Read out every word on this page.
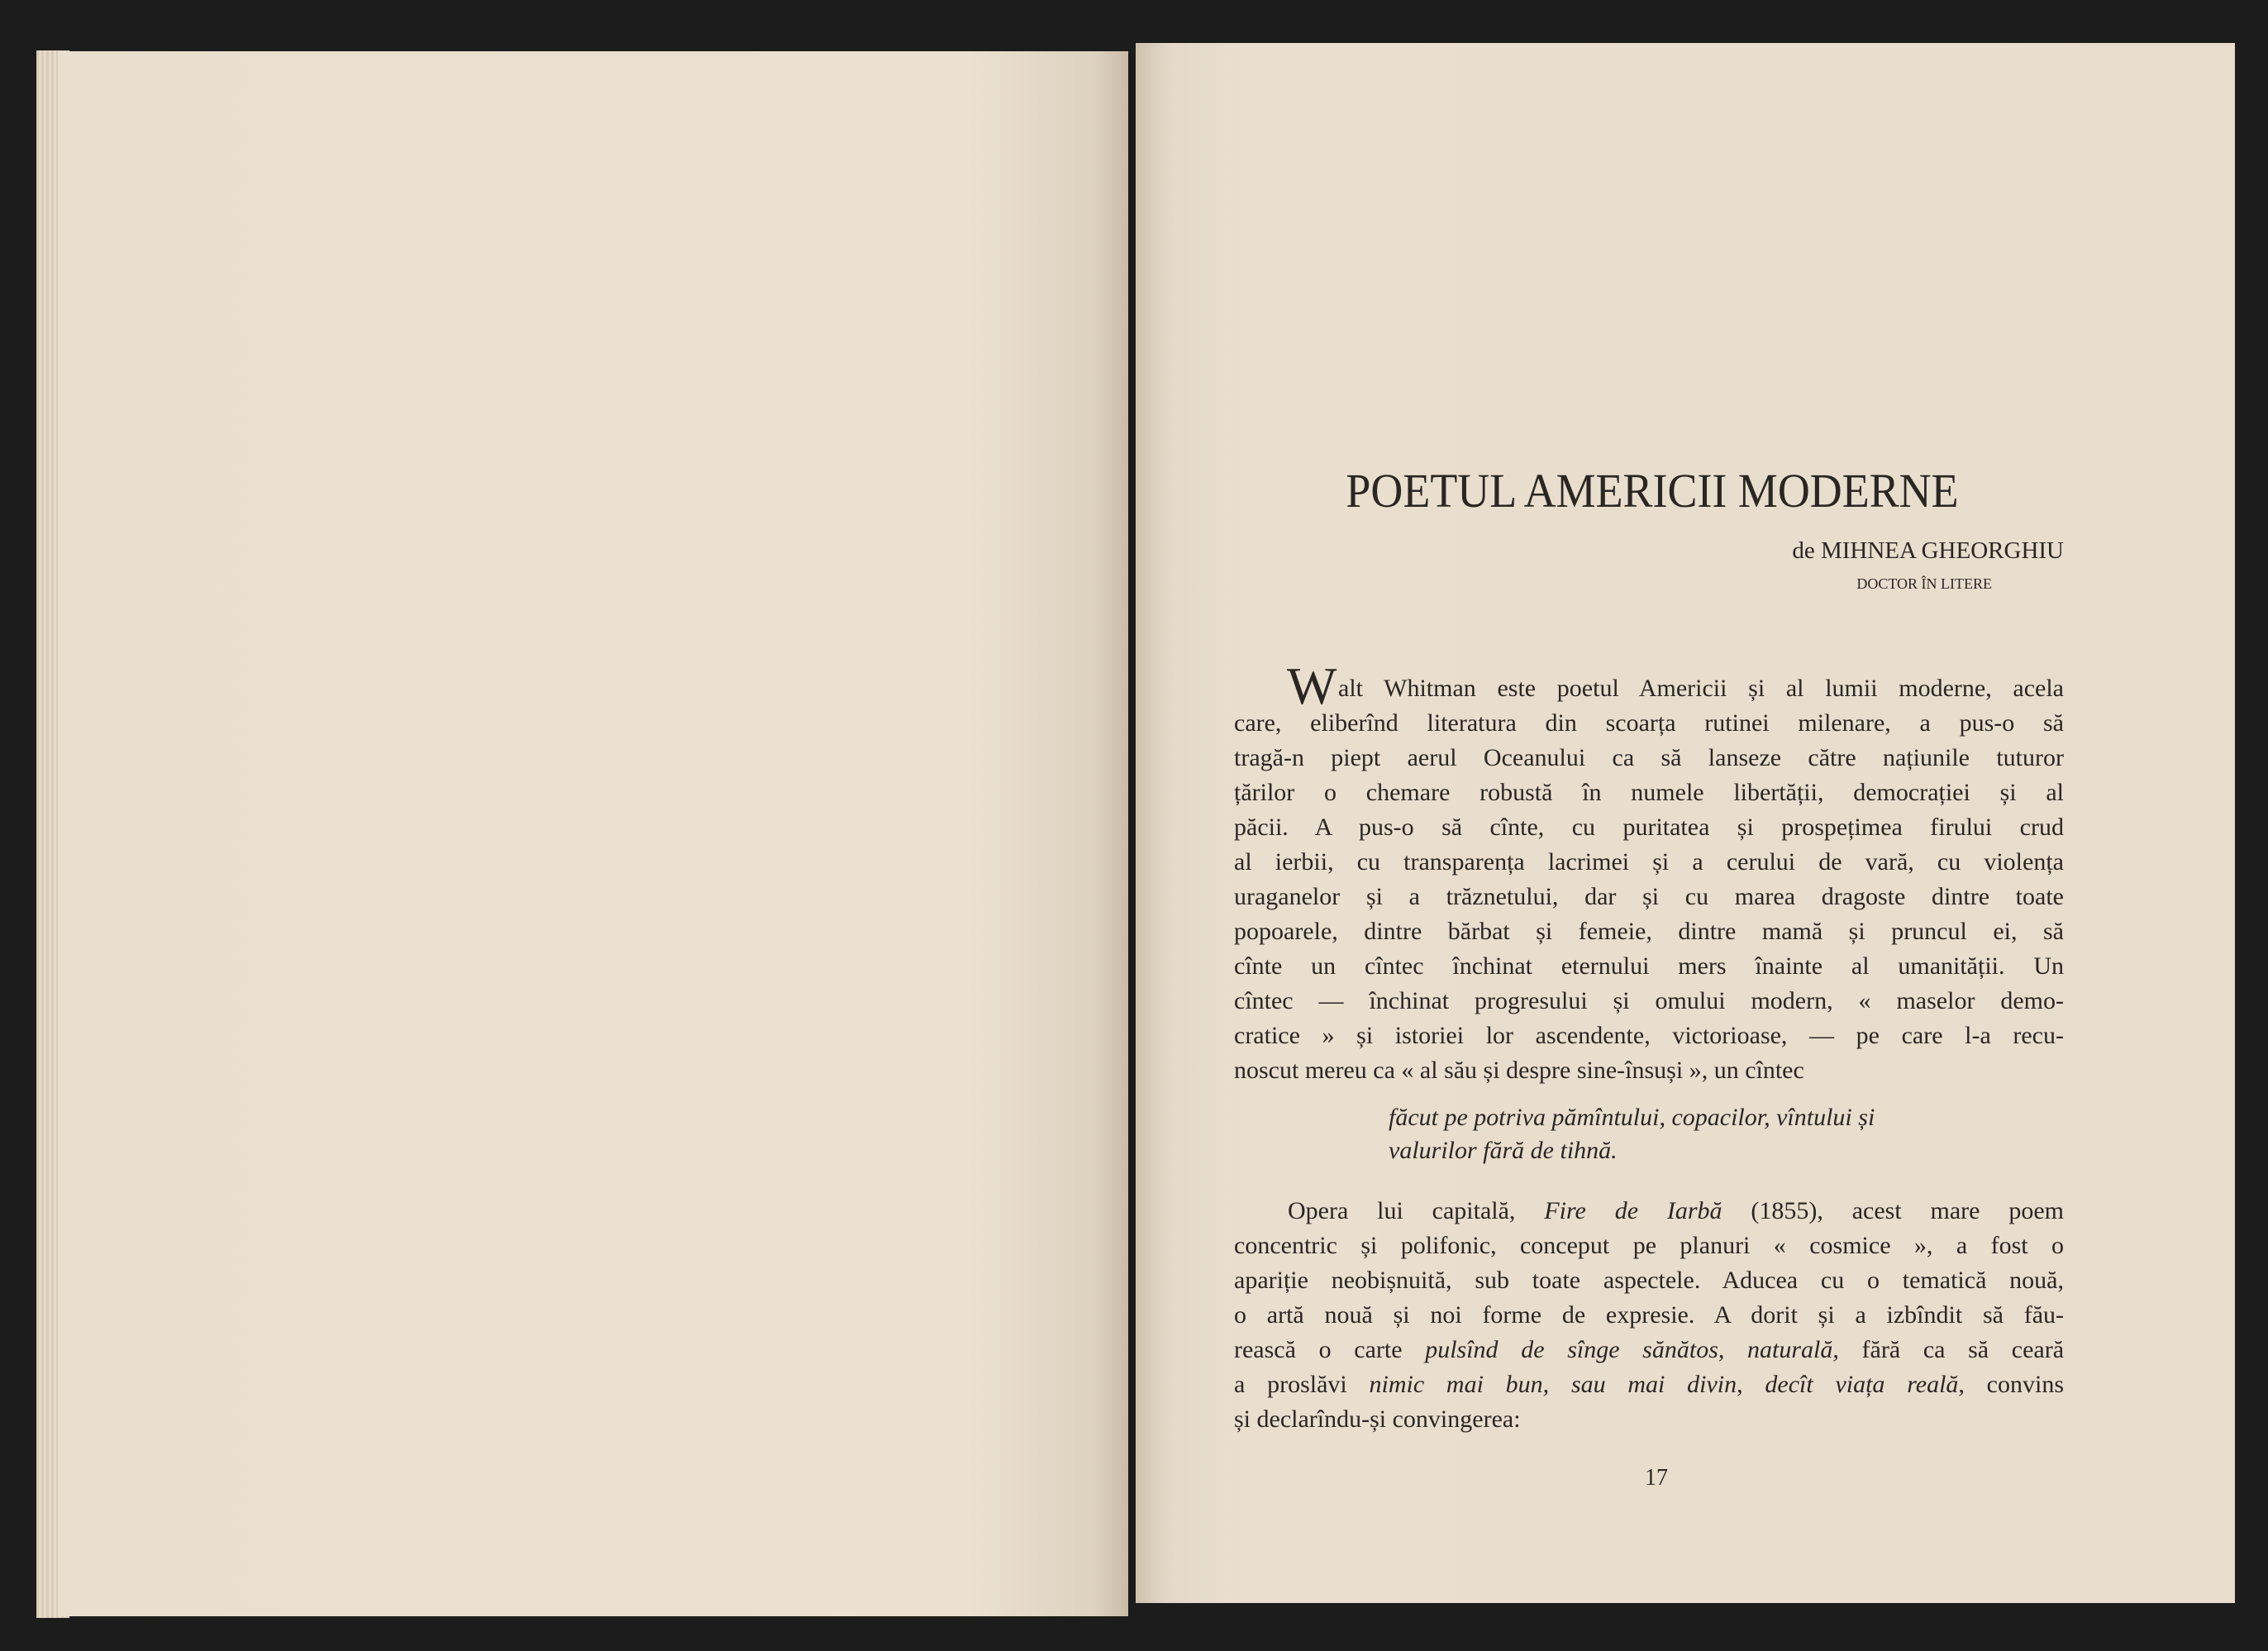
POETUL AMERICII MODERNE
de MIHNEA GHEORGHIU
DOCTOR ÎN LITERE
W alt Whitman este poetul Americii și al lumii moderne, acela
care, eliberînd literatura din scoarța rutinei milenare, a pus-o să
tragă-n piept aerul Oceanului ca să lanseze către națiunile tuturor
țărilor o chemare robustă în numele libertății, democrației și al
păcii. A pus-o să cînte, cu puritatea și prospețimea firului crud
al ierbii, cu transparența lacrimei și a cerului de vară, cu violența
uraganelor și a trăznetului, dar și cu marea dragoste dintre toate
popoarele, dintre bărbat și femeie, dintre mamă și pruncul ei, să
cînte un cîntec închinat eternului mers înainte al umanității. Un
cîntec — închinat progresului și omului modern, « maselor demo-
cratice » și istoriei lor ascendente, victorioase, — pe care l-a recu-
noscut mereu ca « al său și despre sine-însuși », un cîntec
făcut pe potriva pămîntului, copacilor, vîntului și
valurilor fără de tihnă.
Opera lui capitală, Fire de Iarbă (1855), acest mare poem
concentric și polifonic, conceput pe planuri « cosmice », a fost o
apariție neobișnuită, sub toate aspectele. Aducea cu o tematică nouă,
o artă nouă și noi forme de expresie. A dorit și a izbîndit să fău-
rească o carte pulsînd de sînge sănătos, naturală, fără ca să ceară
a proslăvi nimic mai bun, sau mai divin, decît viața reală, convins
și declarîndu-și convingerea:
17
